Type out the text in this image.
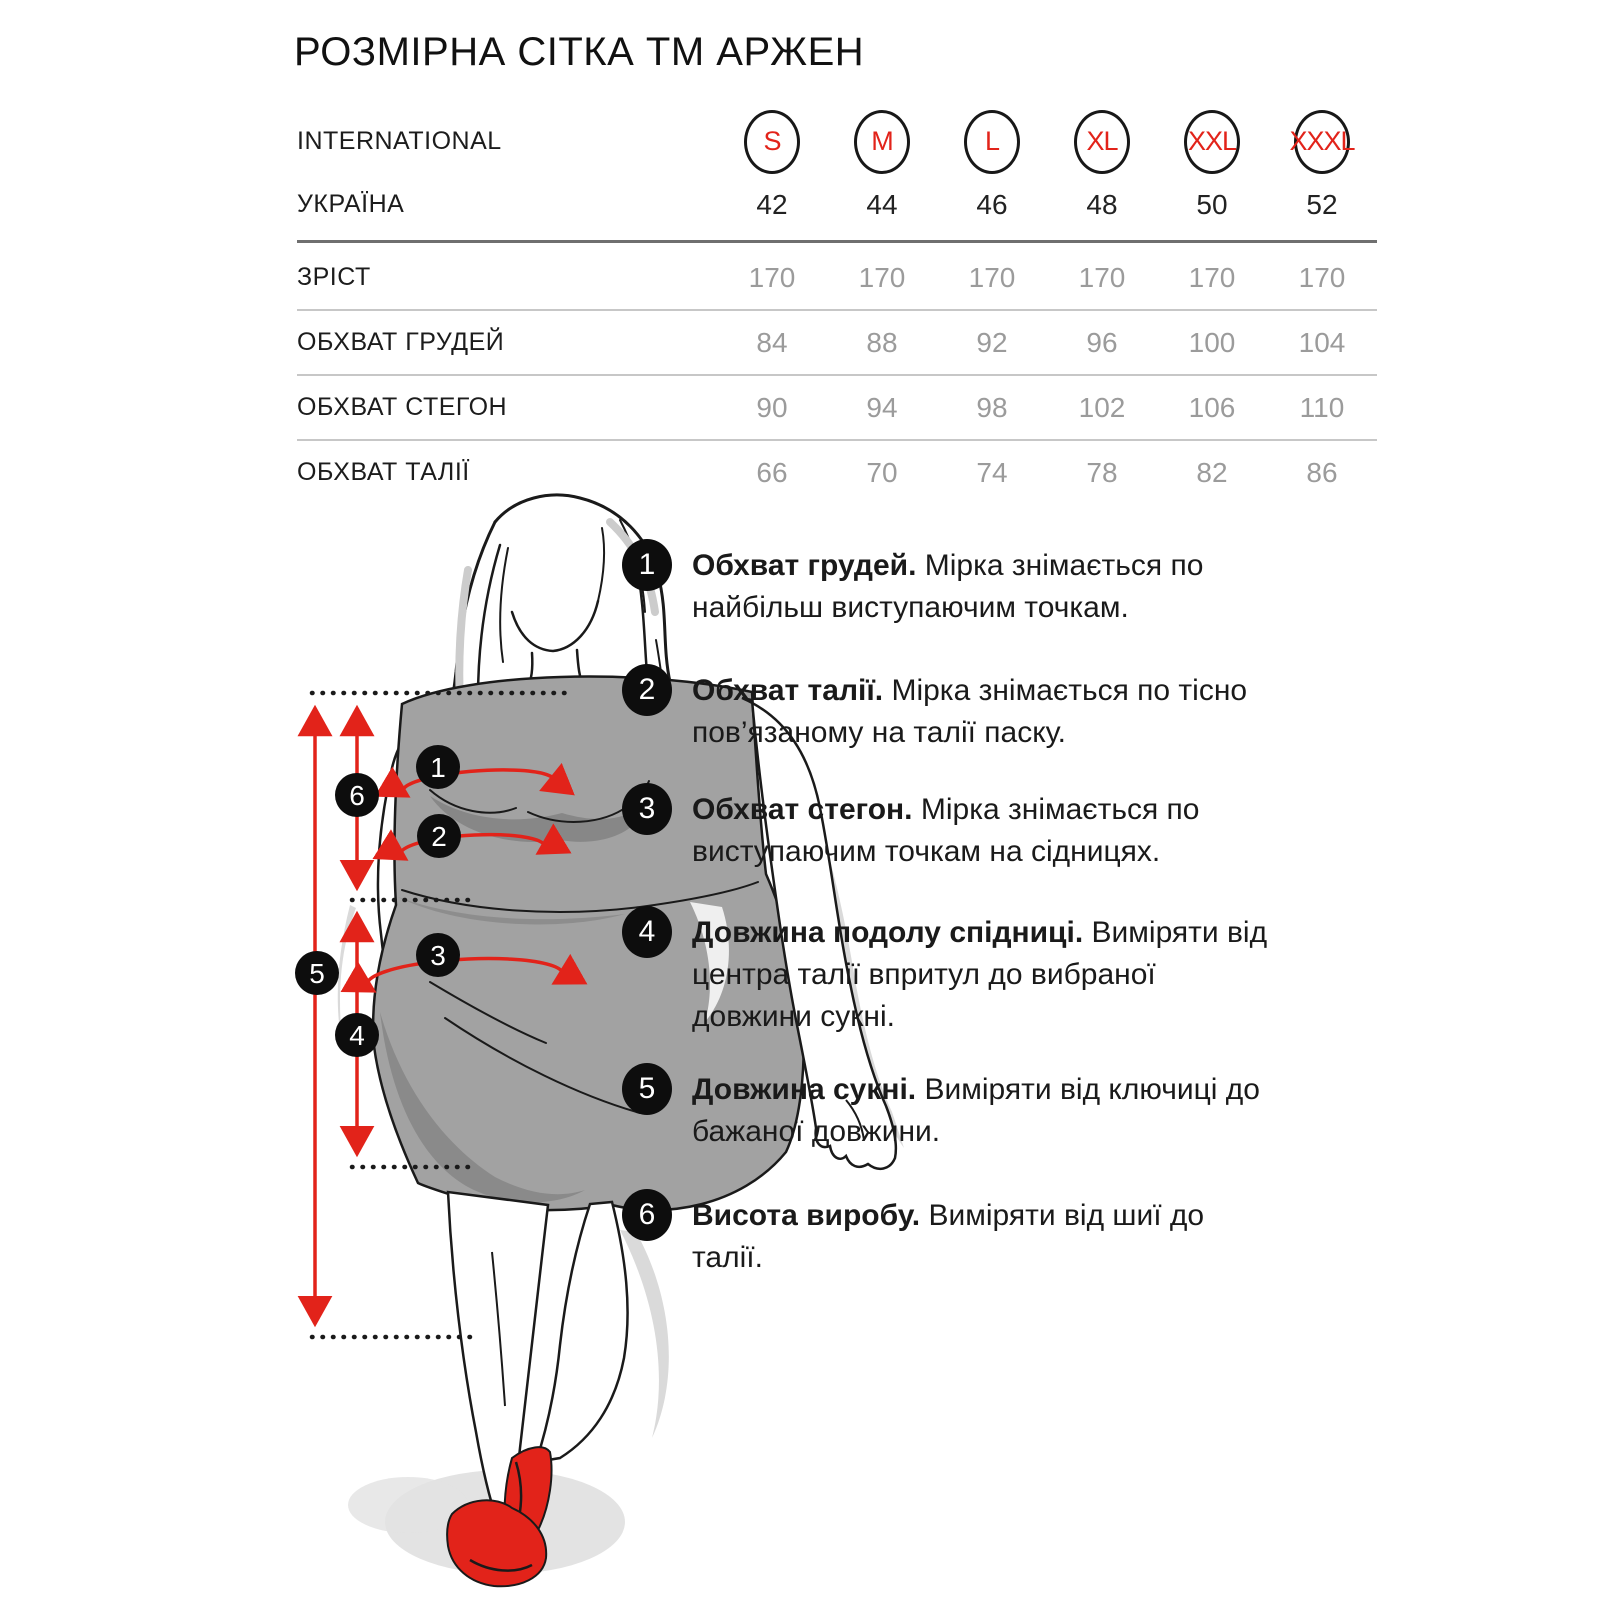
РОЗМІРНА СІТКА ТМ АРЖЕН
INTERNATIONAL	S	M	L	XL	XXL XXXL
УКРАЇНА	42	44	46	48	50	52
ЗРІСТ	170 170 170 170 170 170
ОБХВАТ ГРУДЕЙ	84	88	92	96	100 104
ОБХВАТ СТЕГОН	90	94	98	102 106 110
ОБХВАТ ТАЛІЇ	66	70	74	78	82	86
1
2
3
4
5
6
1	Обхват грудей. Мірка знімається по найбільш виступаючим точкам.
2	Обхват талії. Мірка знімається по тісно пов’язаному на талії паску.
3	Обхват стегон. Мірка знімається по виступаючим точкам на сідницях.
4	Довжина подолу спідниці. Виміряти від центра талії впритул до вибраної довжини сукні.
5	Довжина сукні. Виміряти від ключиці до бажаної довжини.
6	Висота виробу. Виміряти від шиї до талії.
